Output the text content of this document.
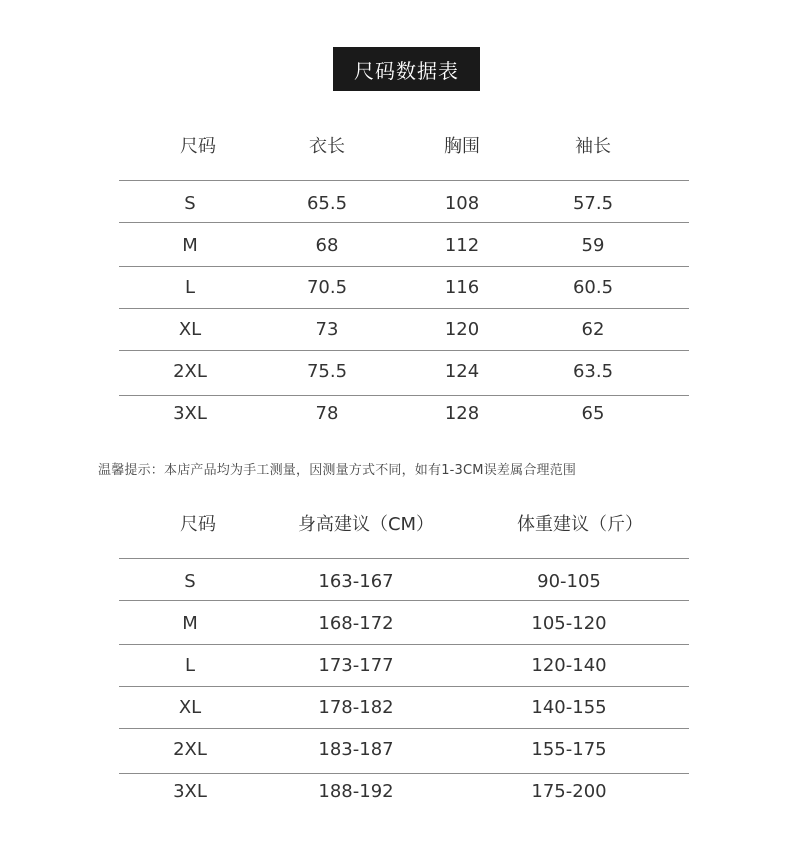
尺码数据表
尺码	衣长	胸围	袖长
S	65.5	108	57.5
M	68	112	59
L	70.5	116	60.5
XL	73	120	62
2XL	75.5	124	63.5
3XL	78	128	65
温馨提示：本店产品均为手工测量，因测量方式不同，如有1-3CM误差属合理范围
尺码	身高建议（CM）	体重建议（斤）
S	163-167	90-105
M	168-172	105-120
L	173-177	120-140
XL	178-182	140-155
2XL	183-187	155-175
3XL	188-192	175-200
